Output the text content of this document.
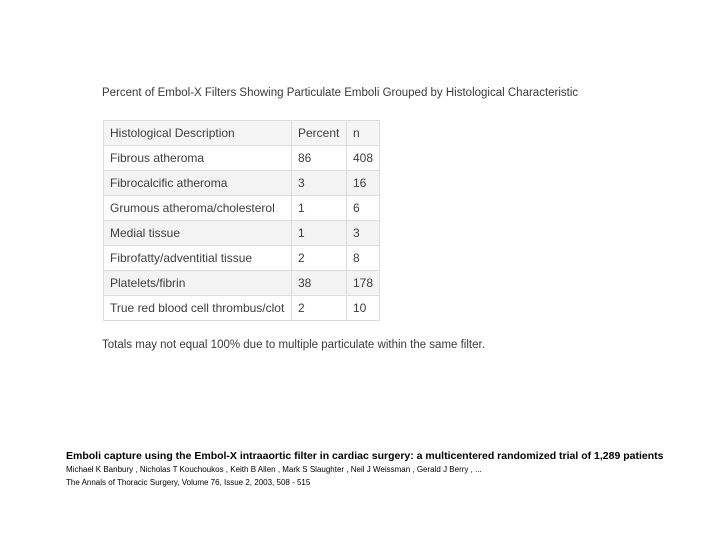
Percent of Embol-X Filters Showing Particulate Emboli Grouped by Histological Characteristic
Histological Description	Percent	n
Fibrous atheroma	86	408
Fibrocalcific atheroma	3	16
Grumous atheroma/cholesterol	1	6
Medial tissue	1	3
Fibrofatty/adventitial tissue	2	8
Platelets/fibrin	38	178
True red blood cell thrombus/clot	2	10
Totals may not equal 100% due to multiple particulate within the same filter.
Emboli capture using the Embol-X intraaortic filter in cardiac surgery: a multicentered randomized trial of 1,289 patients
Michael K Banbury , Nicholas T Kouchoukos , Keith B Allen , Mark S Slaughter , Neil J Weissman , Gerald J Berry , ...
The Annals of Thoracic Surgery, Volume 76, Issue 2, 2003, 508 - 515
